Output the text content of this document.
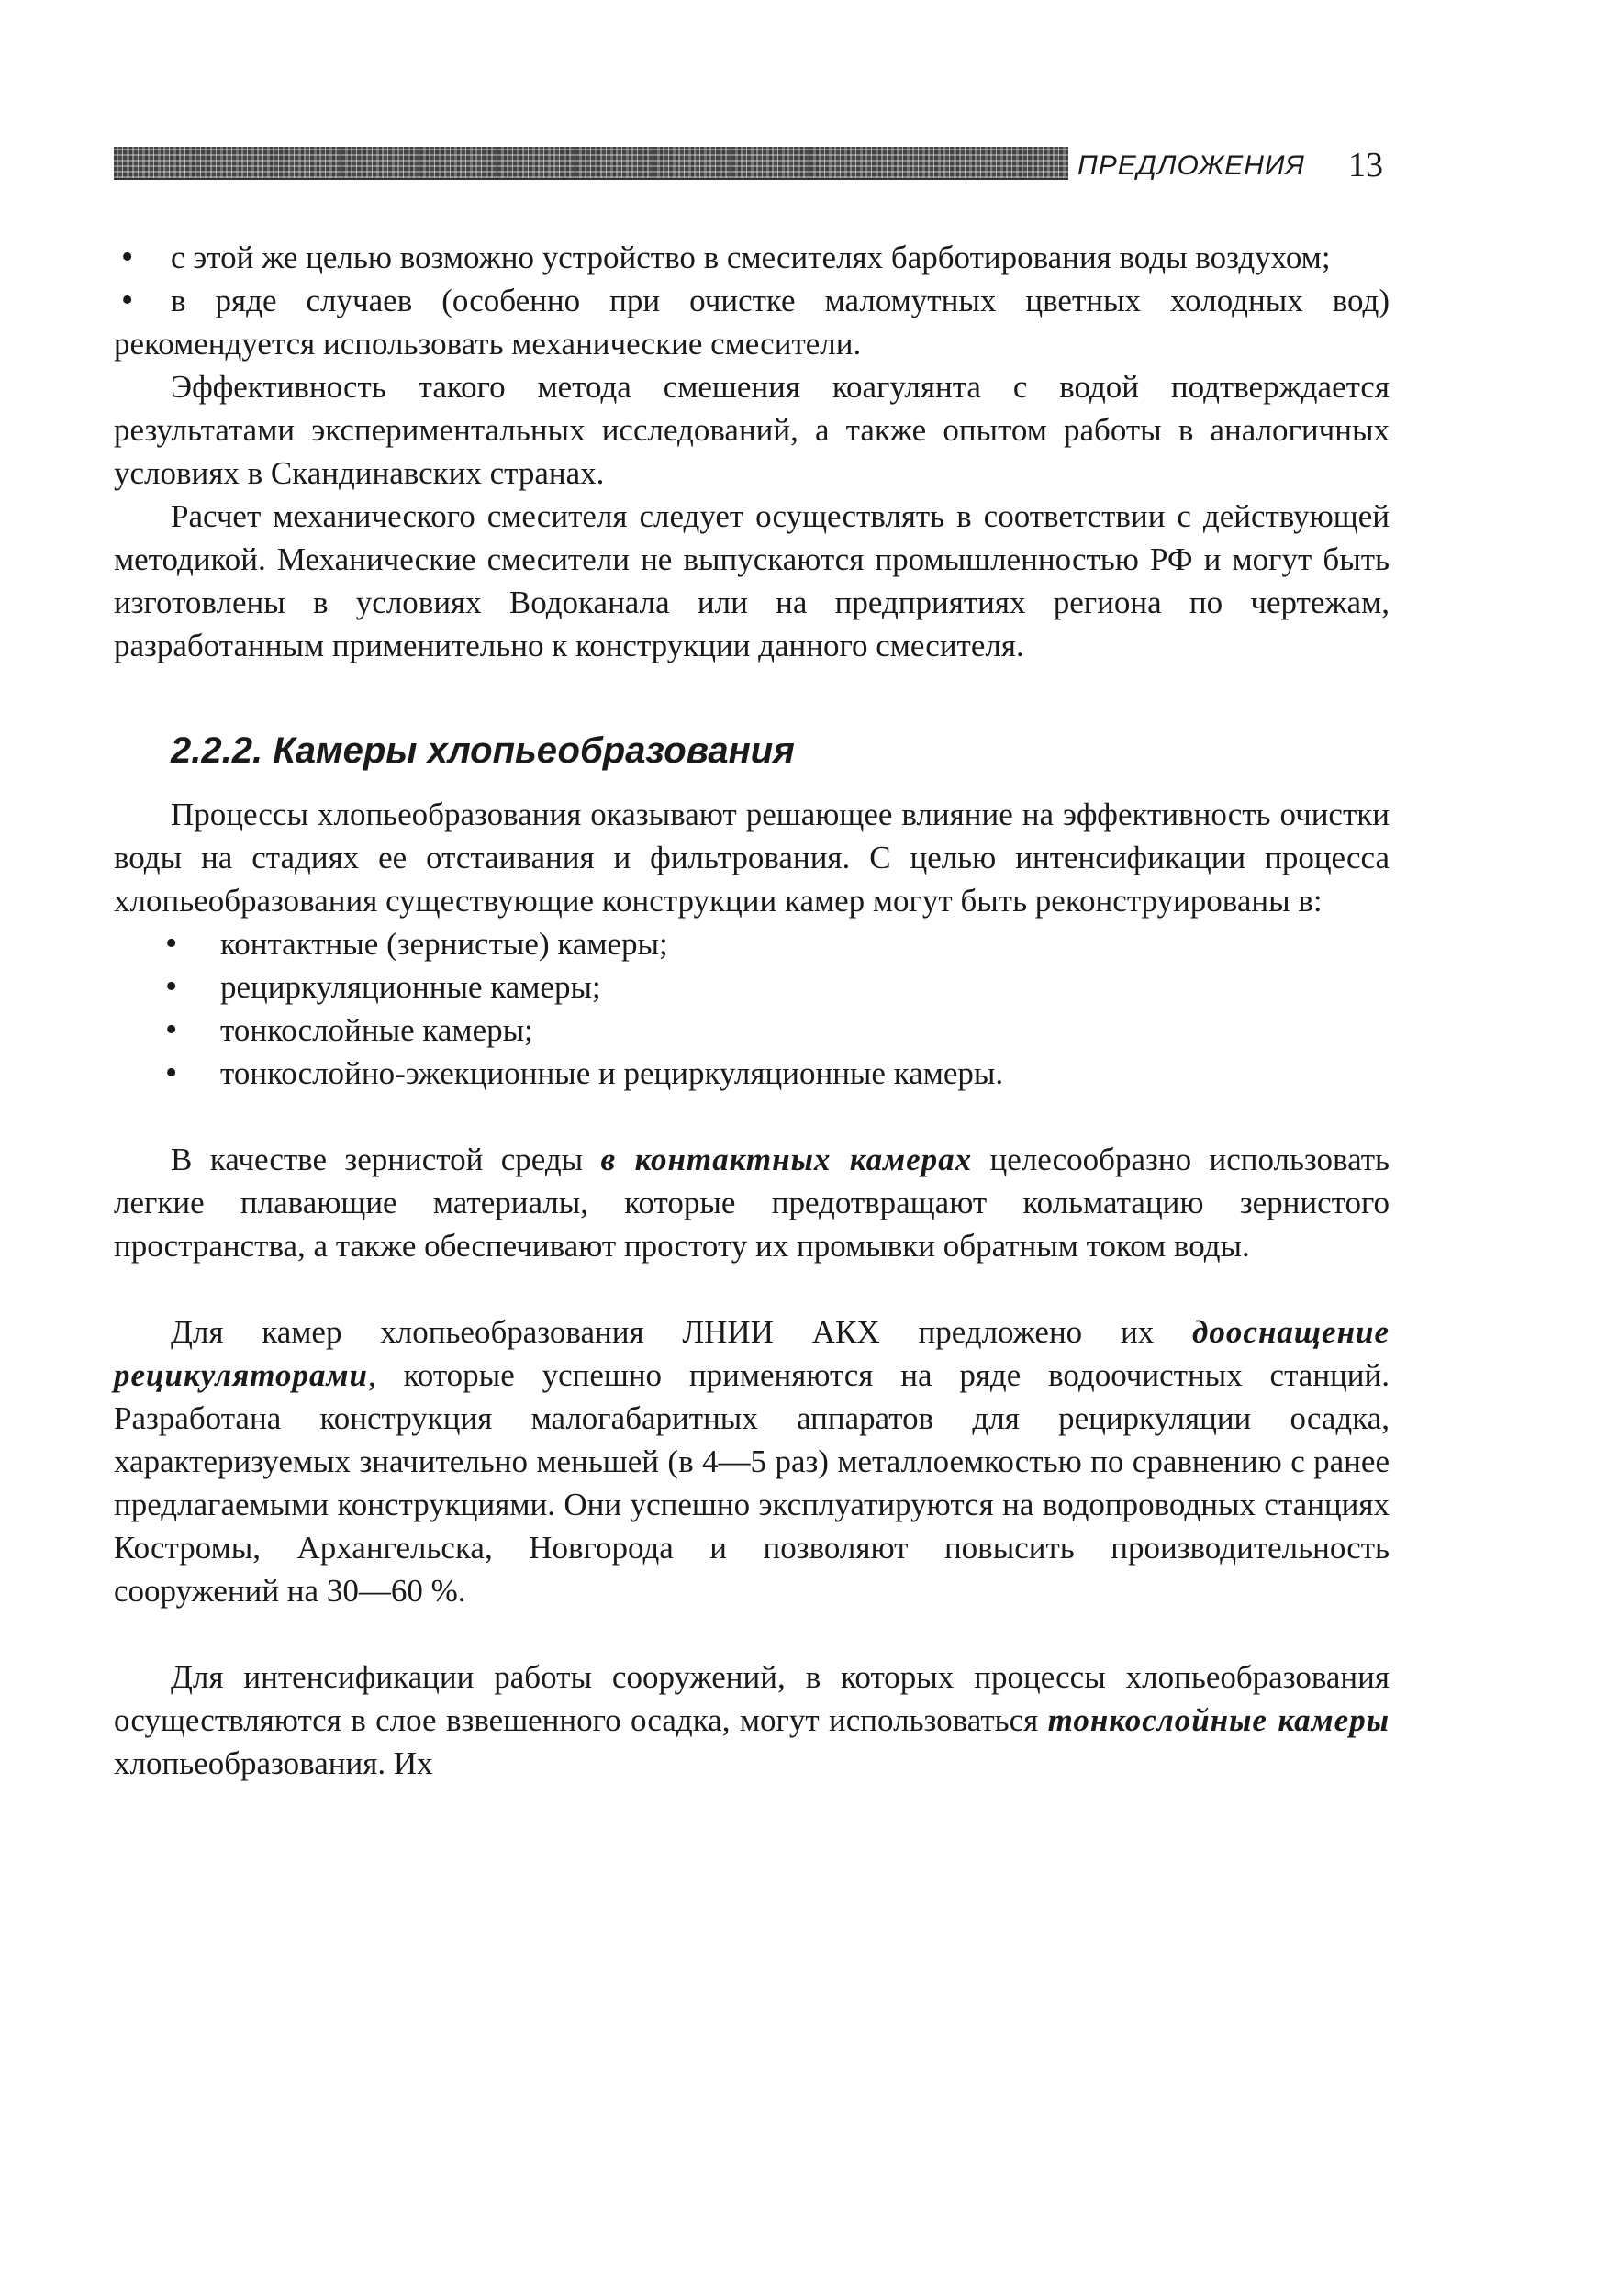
ПРЕДЛОЖЕНИЯ 13
• с этой же целью возможно устройство в смесителях барботирования воды воздухом;
• в ряде случаев (особенно при очистке маломутных цветных холодных вод) рекомендуется использовать механические смесители.

Эффективность такого метода смешения коагулянта с водой подтверждается результатами экспериментальных исследований, а также опытом работы в аналогичных условиях в Скандинавских странах.

Расчет механического смесителя следует осуществлять в соответствии с действующей методикой. Механические смесители не выпускаются промышленностью РФ и могут быть изготовлены в условиях Водоканала или на предприятиях региона по чертежам, разработанным применительно к конструкции данного смесителя.

2.2.2. Камеры хлопьеобразования

Процессы хлопьеобразования оказывают решающее влияние на эффективность очистки воды на стадиях ее отстаивания и фильтрования. С целью интенсификации процесса хлопьеобразования существующие конструкции камер могут быть реконструированы в:

• контактные (зернистые) камеры;
• рециркуляционные камеры;
• тонкослойные камеры;
• тонкослойно-эжекционные и рециркуляционные камеры.

В качестве зернистой среды в контактных камерах целесообразно использовать легкие плавающие материалы, которые предотвращают кольматацию зернистого пространства, а также обеспечивают простоту их промывки обратным током воды.

Для камер хлопьеобразования ЛНИИ АКХ предложено их дооснащение рецикуляторами, которые успешно применяются на ряде водоочистных станций. Разработана конструкция малогабаритных аппаратов для рециркуляции осадка, характеризуемых значительно меньшей (в 4—5 раз) металлоемкостью по сравнению с ранее предлагаемыми конструкциями. Они успешно эксплуатируются на водопроводных станциях Костромы, Архангельска, Новгорода и позволяют повысить производительность сооружений на 30—60 %.

Для интенсификации работы сооружений, в которых процессы хлопьеобразования осуществляются в слое взвешенного осадка, могут использоваться тонкослойные камеры хлопьеобразования. Их
